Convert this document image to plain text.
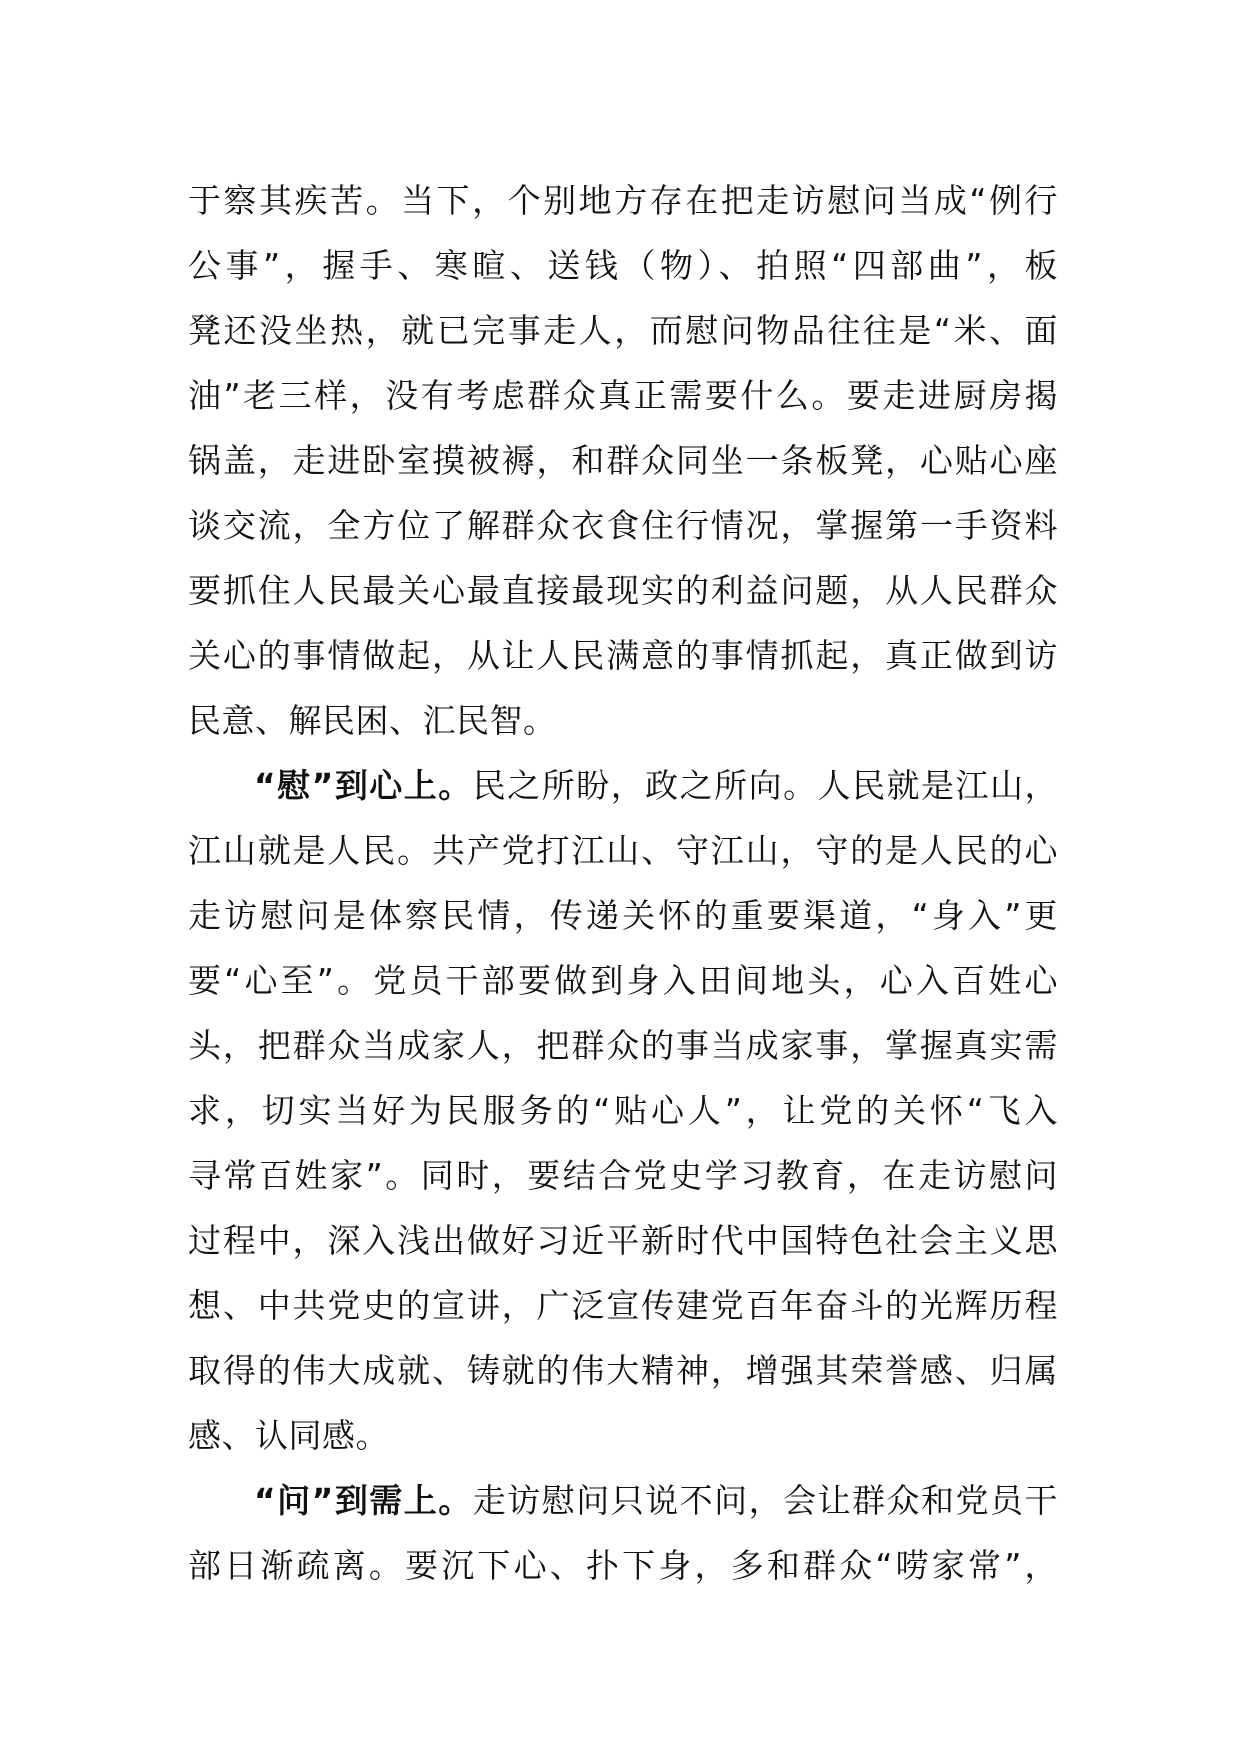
于察其疾苦。当下，个别地方存在把走访慰问当成“例行
公事”，握手、寒暄、送钱（物）、拍照“四部曲”，板
凳还没坐热，就已完事走人，而慰问物品往往是“米、面
油”老三样，没有考虑群众真正需要什么。要走进厨房揭
锅盖，走进卧室摸被褥，和群众同坐一条板凳，心贴心座
谈交流，全方位了解群众衣食住行情况，掌握第一手资料
要抓住人民最关心最直接最现实的利益问题，从人民群众
关心的事情做起，从让人民满意的事情抓起，真正做到访
民意、解民困、汇民智。
“慰”到心上。民之所盼，政之所向。人民就是江山，
江山就是人民。共产党打江山、守江山，守的是人民的心
走访慰问是体察民情，传递关怀的重要渠道，“身入”更
要“心至”。党员干部要做到身入田间地头，心入百姓心
头，把群众当成家人，把群众的事当成家事，掌握真实需
求，切实当好为民服务的“贴心人”，让党的关怀“飞入
寻常百姓家”。同时，要结合党史学习教育，在走访慰问
过程中，深入浅出做好习近平新时代中国特色社会主义思
想、中共党史的宣讲，广泛宣传建党百年奋斗的光辉历程
取得的伟大成就、铸就的伟大精神，增强其荣誉感、归属
感、认同感。
“问”到需上。走访慰问只说不问，会让群众和党员干
部日渐疏离。要沉下心、扑下身，多和群众“唠家常”，
